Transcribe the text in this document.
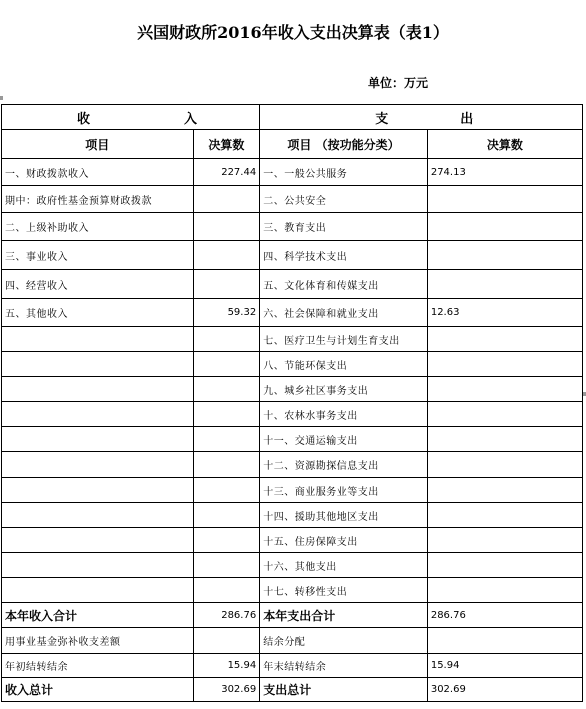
兴国财政所2016年收入支出决算表（表1）
单位：万元
收 入		支 出	
项目	决算数	项目 （按功能分类）	决算数
一、财政拨款收入	227.44	一、一般公共服务	274.13
期中：政府性基金预算财政拨款		二、公共安全	
二、上级补助收入		三、教育支出	
三、事业收入		四、科学技术支出	
四、经营收入		五、文化体育和传媒支出	
五、其他收入	59.32	六、社会保障和就业支出	12.63
		七、医疗卫生与计划生育支出	
		八、节能环保支出	
		九、城乡社区事务支出	
		十、农林水事务支出	
		十一、交通运输支出	
		十二、资源勘探信息支出	
		十三、商业服务业等支出	
		十四、援助其他地区支出	
		十五、住房保障支出	
		十六、其他支出	
		十七、转移性支出	
本年收入合计	286.76	本年支出合计	286.76
用事业基金弥补收支差额		结余分配	
年初结转结余	15.94	年末结转结余	15.94
收入总计	302.69	支出总计	302.69
